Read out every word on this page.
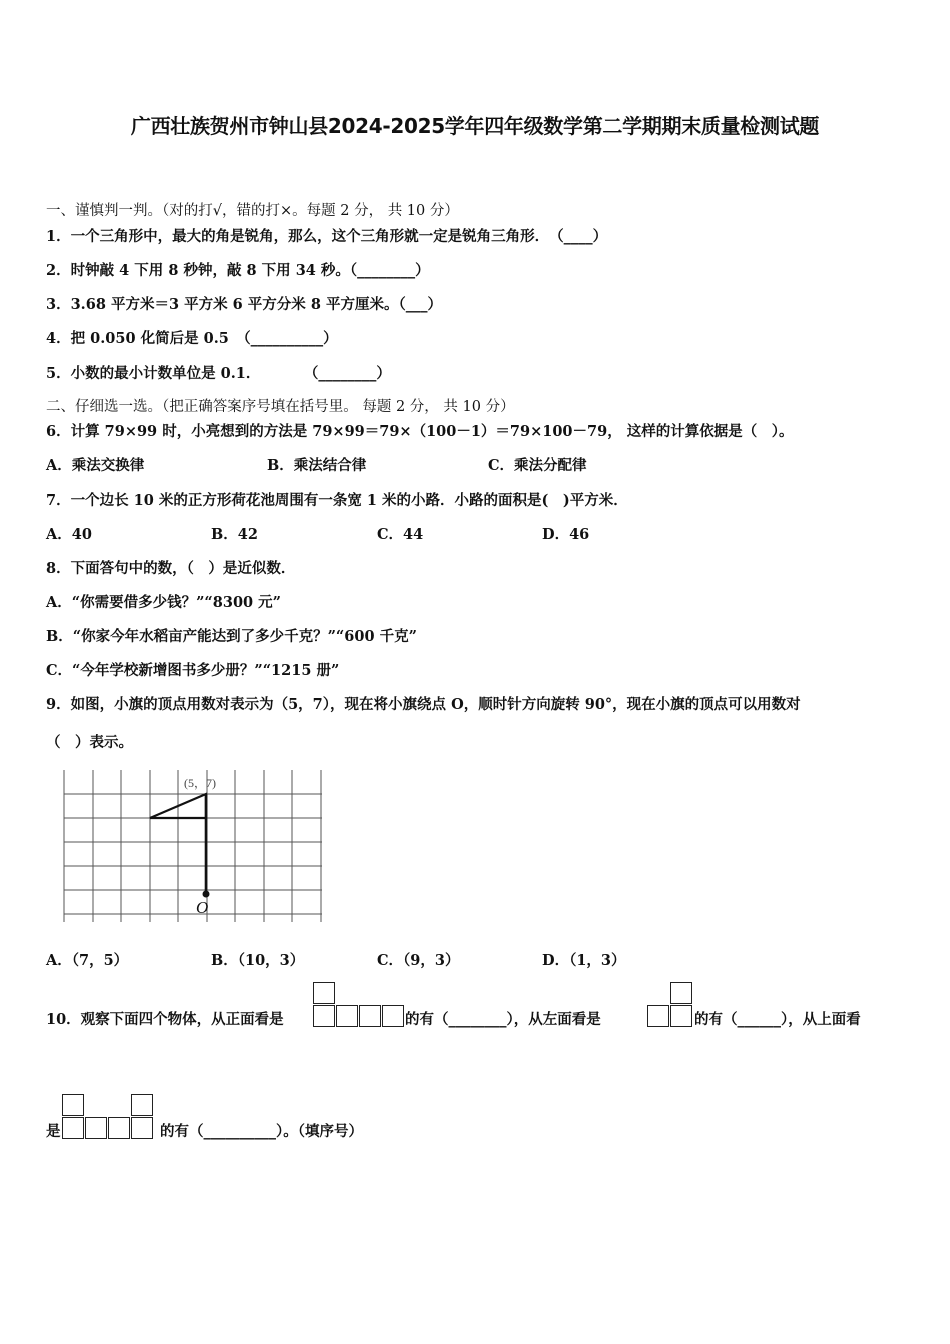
广西壮族贺州市钟山县2024-2025学年四年级数学第二学期期末质量检测试题
一、谨慎判一判。（对的打√，错的打×。每题 2 分， 共 10 分）
1．一个三角形中，最大的角是锐角，那么，这个三角形就一定是锐角三角形．　（____）
2．时钟敲 4 下用 8 秒钟，敲 8 下用 34 秒。（________）
3．3.68 平方米＝3 平方米 6 平方分米 8 平方厘米。（___）
4．把 0.050 化简后是 0.5　（__________）
5．小数的最小计数单位是 0.1．　　　　（________）
二、仔细选一选。（把正确答案序号填在括号里。 每题 2 分， 共 10 分）
6．计算 79×99 时，小亮想到的方法是 79×99＝79×（100－1）＝79×100－79， 这样的计算依据是（　）。
A．乘法交换律	B．乘法结合律	C．乘法分配律
7．一个边长 10 米的正方形荷花池周围有一条宽 1 米的小路．小路的面积是(　)平方米．
A．40	B．42	C．44	D．46
8．下面答句中的数，（　）是近似数．
A．“你需要借多少钱？”“8300 元”
B．“你家今年水稻亩产能达到了多少千克？”“600 千克”
C．“今年学校新增图书多少册？”“1215 册”
9．如图，小旗的顶点用数对表示为（5，7），现在将小旗绕点 O，顺时针方向旋转 90°，现在小旗的顶点可以用数对
（　）表示。
(5，7)
O
A．（7，5）	B．（10，3）	C．（9，3）	D．（1，3）
10．观察下面四个物体，从正面看是	的有（________），从左面看是	的有（______），从上面看
是	的有（__________）。（填序号）
